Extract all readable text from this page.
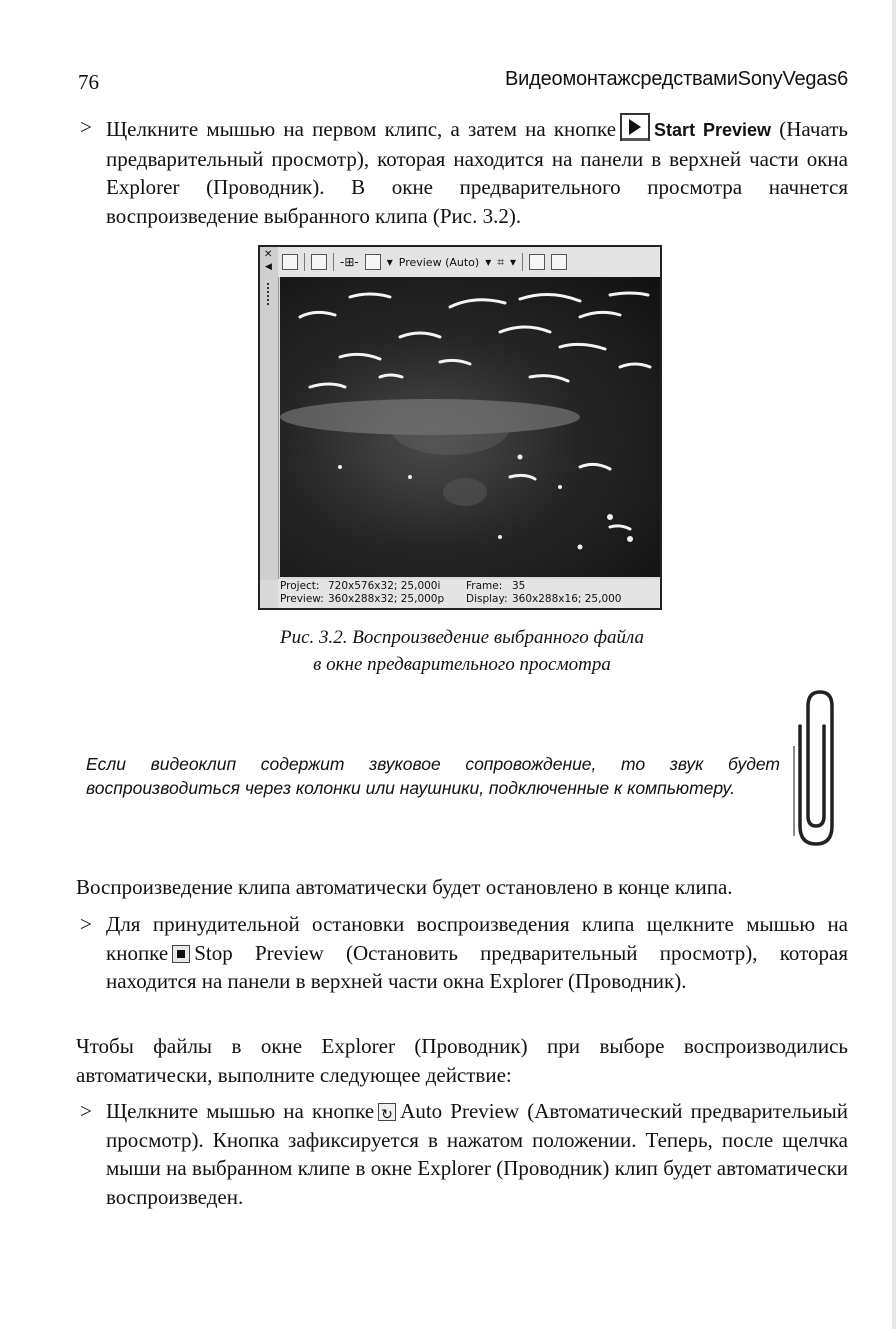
76	ВидеомонтажсредствамиSonyVegas6
> Щелкните мышью на первом клипс, а затем на кнопке Start Preview (Начать предварительный просмотр), которая находится на панели в верхней части окна Explorer (Проводник). В окне предварительного просмотра начнется воспроизведение выбранного клипа (Рис. 3.2).
✕
◀	-⊞- ▾ Preview (Auto) ▾ ⌗ ▾
Project: 720x576x32; 25,000i Frame: 35
Preview: 360x288x32; 25,000p Display: 360x288x16; 25,000
Рис. 3.2. Воспроизведение выбранного файла
в окне предварительного просмотра
Если видеоклип содержит звуковое сопровождение, то звук будет воспроизводиться через колонки или наушники, подключенные к компьютеру.
Воспроизведение клипа автоматически будет остановлено в конце клипа.
> Для принудительной остановки воспроизведения клипа щелкните мышью на кнопке Stop Preview (Остановить предварительный просмотр), которая находится на панели в верхней части окна Explorer (Проводник).
Чтобы файлы в окне Explorer (Проводник) при выборе воспроизводились автоматически, выполните следующее действие:
> Щелкните мышью на кнопке↻ Auto Preview (Автоматический предварительиый просмотр). Кнопка зафиксируется в нажатом положении. Теперь, после щелчка мыши на выбранном клипе в окне Explorer (Проводник) клип будет автоматически воспроизведен.
